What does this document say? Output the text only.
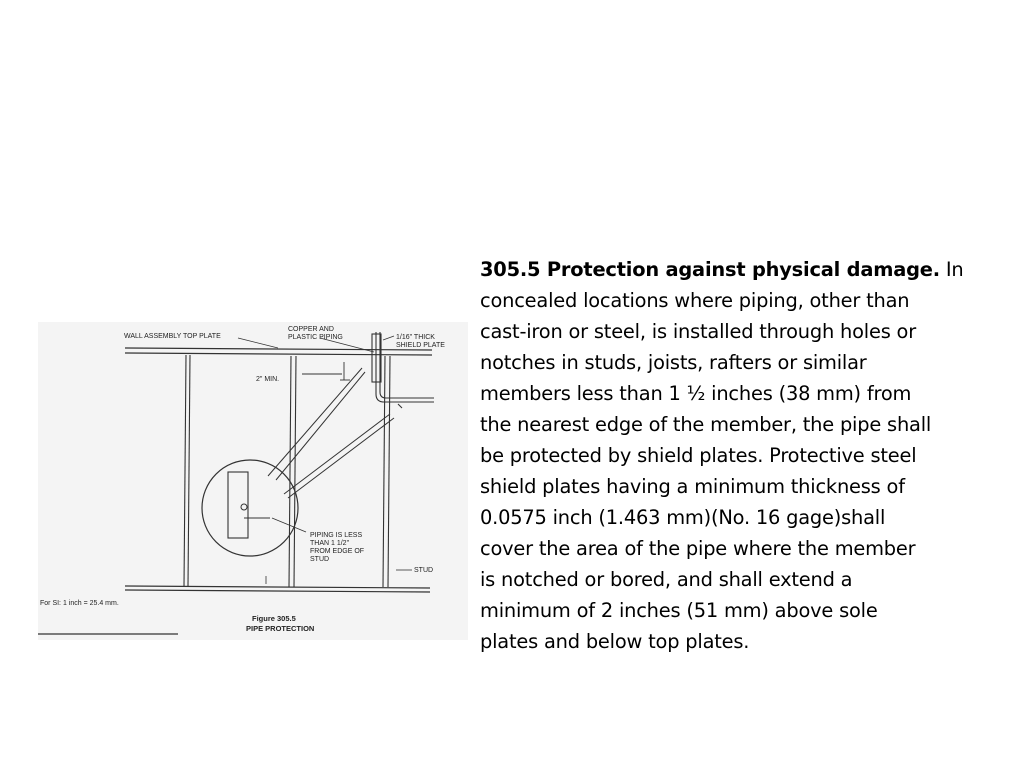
WALL ASSEMBLY TOP PLATE
COPPER AND
PLASTIC PIPING	1/16" THICK
SHIELD PLATE
2" MIN.
PIPING IS LESS
THAN 1 1/2"
FROM EDGE OF
STUD
STUD
For SI: 1 inch = 25.4 mm.
Figure 305.5
PIPE PROTECTION
305.5 Protection against physical damage. In
concealed locations where piping, other than
cast-iron or steel, is installed through holes or
notches in studs, joists, rafters or similar
members less than 1 ½ inches (38 mm) from
the nearest edge of the member, the pipe shall
be protected by shield plates. Protective steel
shield plates having a minimum thickness of
0.0575 inch (1.463 mm)(No. 16 gage)shall
cover the area of the pipe where the member
is notched or bored, and shall extend a
minimum of 2 inches (51 mm) above sole
plates and below top plates.
